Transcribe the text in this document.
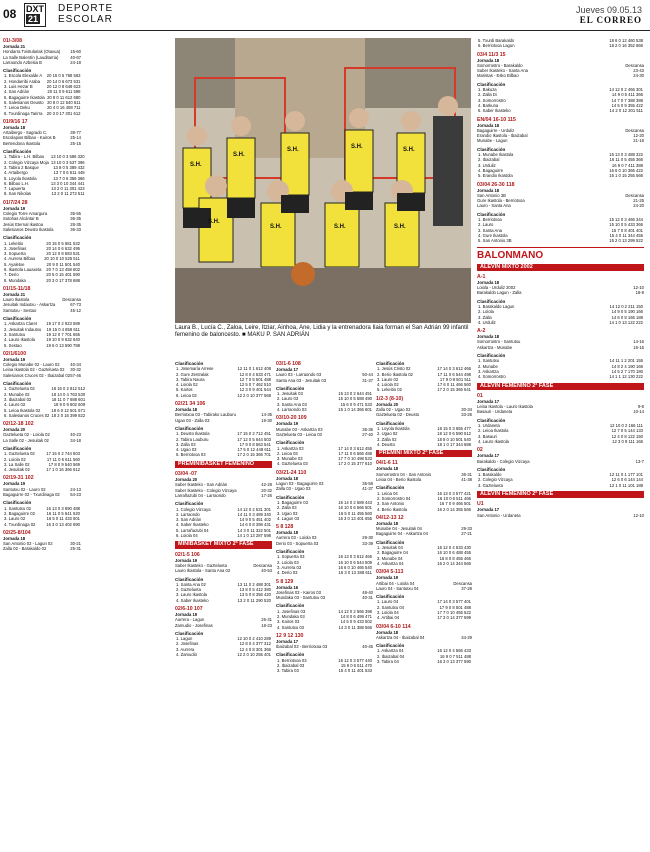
08 DXT
21
DEPORTE
ESCOLAR
Jueves 09.05.13
EL CORREO
01/-3/08
Jornada 21
Hondarra Txistulariak (Otaxua) 15-60
La Salle Balentín (Lauditarria)	40-67
Larraondo Azbeitia B	24-18
Clasificación
1. Escola Elexalde A	20 15 0 5 768 563
2. Hondarribi Araba	20 14 0 6 673 531
3. Luis Hezar B	20 12 0 8 648 623
4. San Adrián	20 11 0 9 611 598
5. Bagaguirre Ikastola	20 9 0 11 612 680
6. Salesianos Deusto	20 8 0 12 540 611
7. Leioa Deku	20 4 0 16 408 711
8. Txurdinaga Tarirra	20 3 0 17 301 612
01/9/16 17
Jornada 18
Artaibergo - Sagrado C.	38-77
Escolapios Bilbao - Kairos B	25-14
Bertendona Ikastola	25-15
Clasificación
1. Tabira - L.H. Bilbao	13 10 0 3 586 320
2. Colegio Vizcaya Moja	13 10 0 3 537 396
3. Tabira 2 Basque	13 8 0 5 389 432
4. Artaibergo	13 7 0 6 611 448
5. Loyola Ikastola	13 7 0 6 356 366
6. Bilbao L.H.	13 3 0 10 344 441
7. Lapuerta	13 2 0 11 301 423
8. San Nikolas	13 2 0 11 272 511
01/7/24 28
Jornada 19
Colegio Torre Amargura	35-55
Sotohas Alcántar B	36-35
Jesús Eternal Ikastoa	28-35
Salesianos Deusto Ikastola	36-33
Clasificación
1. Lekeitio	20 15 0 5 681 532
2. Josefinas	20 14 0 6 632 495
3. Sopuerta	20 12 0 8 583 531
4. Aurrera Bilbao	20 10 0 10 525 511
5. Ayaletxe	20 9 0 11 501 540
6. Ikastola Lauaxeta	20 7 0 13 458 602
7. Derio	20 5 0 15 401 590
8. Mundaka	20 3 0 17 378 688
01/15-11/18
Jornada 21
Lauro Ikastola	Descansa
Jesuitak Indautxu - Askartza	67-73
Santutxu - Sestao	45-12
Clasificación
1. Askartza Claret	19 17 0 2 923 589
2. Jesuitak Indautxu	19 15 0 4 858 611
3. Santutxu	19 12 0 7 701 655
4. Lauro Ikastola	19 10 0 9 632 640
5. Sestao	19 6 0 13 590 788
02/1/6100
Jornada 19
Colegio Munabe 02 - Lauro 02	40-34
Leioa Ikastola 02 - Gaztelueta 02 30-32
Salesianos Cruces 02 - Ibaizabal 02 57-46
Clasificación
1. Gaztelueta 02	18 16 0 2 812 512
2. Munabe 02	18 14 0 4 763 530
3. Ibaizabal 02	18 11 0 7 688 601
4. Lauro 02	18 9 0 9 602 609
5. Leioa Ikastola 02	18 6 0 12 501 671
6. Salesianos Cruces 02	18 2 0 16 399 822
02/12-18 102
Jornada 20
Gaztelueta 02 - Loiola 02	40-23
La Salle 02 - Jesuitak 02	34-18
Clasificación
1. Gaztelueta 02	17 15 0 2 744 503
2. Loiola 02	17 11 0 6 611 560
3. La Salle 02	17 8 0 9 540 569
4. Jesuitak 02	17 1 0 16 366 612
02/19-31 102
Jornada 19
Santutxu 02 - Lauro 02	24-13
Bagaguirre 02 - Txurdinaga 02	54-23
Clasificación
1. Santutxu 02	16 13 0 3 690 488
2. Bagaguirre 02	16 11 0 5 641 520
3. Lauro 02	16 5 0 11 433 601
4. Txurdinaga 02	16 3 0 13 402 690
02/25-8/104
Jornada 18
San Antonio 02 - Lagun 02	30-21
Zalla 02 - Barakaldo 02	25-31
Clasificación
1. Josemaría Arrese	12 11 0 1 612 408
2. Gure Zentralak	12 8 0 4 533 471
3. Tabira Naura	12 7 0 5 501 488
4. Loiola 02	12 5 0 7 462 510
5. Kairos	12 3 0 9 401 544
6. Leioa 02	12 2 0 10 377 568
02/21 34 106
Jornada 18
Berriotxoa 03 - Tabirako Lauburu	14-35
Ugao 03 - Zalla 03	19-30
Clasificación
1. Deusto Ikastola	17 15 0 2 712 451
2. Tabira Lauburu	17 12 0 5 644 503
3. Zalla 03	17 9 0 8 563 541
4. Ugao 03	17 5 0 12 448 611
5. Berriotxoa 03	17 2 0 15 366 701
PREMINIBASKET FEMENINO
03/04 -07
Jornada 20
Saber Ikasteko - San Adrián	42-28
Saber Ikasteko - Colegio Vizcaya	20-32
Larrañazubi 04 - Larraondo	17-26
Clasificación
1. Colegio Vizcaya	14 12 0 2 531 301
2. Larraondo	14 11 0 3 489 340
3. San Adrián	14 9 0 5 451 402
4. Saber Ikasteko	14 6 0 8 398 431
5. Larrañazubi 04	14 3 0 11 322 501
6. Loiola 04	14 1 0 13 287 598
MINIBASKET MIXTO 2ª FASE
02/1-5 106
Jornada 19
Saber Ikasteko - Gaztelueta	Descansa
Lauro Ikastola - Santa Ana 02	40-53
Clasificación
1. Santa Ana 02	13 11 0 2 488 301
2. Gaztelueta	13 8 0 5 412 380
3. Lauro Ikastola	13 5 0 8 356 420
4. Saber Ikasteko	13 2 0 11 290 520
02/6-10 107
Jornada 19
Aurrera - Lagun	25-31
Zamudio - Josefinas	18-23
Clasificación
1. Lagun	12 10 0 2 410 289
2. Josefinas	12 8 0 4 377 312
3. Aurrera	12 4 0 8 301 366
4. Zamudio	12 2 0 10 255 401
03/1-6 108
Jornada 17
Lauro 03 - Larraondo 03	50-44
Santa Ana 03 - Jesuitak 03	31-37
Clasificación
1. Jesuitak 03	15 13 0 2 644 451
2. Lauro 03	15 10 0 5 588 490
3. Santa Ana 03	15 6 0 9 471 533
4. Larraondo 03	15 1 0 14 366 601
03/10-20 109
Jornada 19
Munabe 03 - Askartza 03	35-36
Gaztelueta 03 - Leioa 03	27-40
Clasificación
1. Askartza 03	17 14 0 3 612 455
2. Leioa 03	17 11 0 6 566 488
3. Munabe 03	17 7 0 10 498 533
4. Gaztelueta 03	17 2 0 15 377 610
03/21-24 110
Jornada 18
Lagun 03 - Bagaguirre 03	35-58
Zalla 03 - Ugao 03	41-37
Clasificación
1. Bagaguirre 03	16 14 0 2 689 443
2. Zalla 03	16 10 0 6 566 501
3. Ugao 03	16 5 0 11 455 560
4. Lagun 03	16 3 0 13 401 655
5 8 128
Jornada 18
Aurrera 03 - Loiola 03	29-30
Derio 03 - Sopuerta 03	33-39
Clasificación
1. Sopuerta 03	16 13 0 3 612 466
2. Loiola 03	16 10 0 6 544 509
3. Aurrera 03	16 6 0 10 466 540
4. Derio 03	16 3 0 13 388 611
5 8 129
Jornada 16
Josefinas 03 - Kairos 03	48-40
Mundaka 03 - Santutxu 03	40-31
Clasificación
1. Josefinas 03	14 12 0 2 566 398
2. Mundaka 03	14 8 0 6 499 471
3. Kairos 03	14 5 0 9 433 502
4. Santutxu 03	14 3 0 11 388 566
12 9 12 130
Jornada 17
Ibaizabal 03 - Berriotxoa 03	40-45
Clasificación
1. Berriotxoa 03	15 12 0 3 577 440
2. Ibaizabal 03	15 9 0 6 511 470
3. Tabira 03	15 4 0 11 401 533
Clasificación
1. Jesús Cristo 02	17 14 0 3 612 466
2. Berio Ikastola 02	17 11 0 6 544 498
3. Lauro 02	17 9 0 8 501 511
4. Loiola 02	17 6 0 11 466 560
5. Lekeitio 02	17 2 0 15 366 641
1/2-3 (8-10)
Jornada 20
Zalla 02 - Ugao 02	30-34
Gaztelueta 02 - Deusto	33-26
Clasificación
1. Loyola Ikastola	18 15 0 3 655 477
2. Ugao 02	18 12 0 6 590 512
3. Zalla 02	18 8 0 10 501 540
4. Deusto	18 1 0 17 344 688
PREMINI MIXTO 2ª FASE
04/1-6 11
Jornada 18
Somorrostro 04 - San Antonio	36-31
Leioa 04 - Berio Ikastola	41-38
Clasificación
1. Leioa 04	16 13 0 3 577 421
2. Somorrostro 04	16 10 0 6 511 466
3. San Antonio	16 7 0 9 466 501
4. Berio Ikastola	16 2 0 14 355 566
04/12-13 12
Jornada 18
Munabe 04 - Jesuitak 04	29-33
Bagaguirre 04 - Askartza 04	27-21
Clasificación
1. Jesuitak 04	16 12 0 4 533 430
2. Bagaguirre 04	16 10 0 6 488 455
3. Munabe 04	16 8 0 8 455 466
4. Askartza 04	16 2 0 14 344 566
03/04 5-113
Jornada 19
Artibai 04 - Loiola 04	Descansa
Lauro 04 - Santutxu 04	37-28
Clasificación
1. Lauro 04	17 14 0 3 577 401
2. Santutxu 04	17 9 0 8 501 488
3. Loiola 04	17 7 0 10 455 522
4. Artibai 04	17 3 0 14 377 599
03/04 6-10 114
Jornada 18
Askartza 04 - Ibaizabal 04	34-29
Clasificación
1. Askartza 04	16 12 0 4 566 433
2. Ibaizabal 04	16 9 0 7 511 488
3. Tabira 04	16 3 0 13 377 590
5. Txurdi Barakaldo	18 6 0 12 460 538
6. Berriotxoa Lagun	18 2 0 16 352 666
03/4 11/3 15
Jornada 18
Somorrostro - Barakaldo	Descansa
Saber Ikasteko - Santa Ana	23-43
Maristas - Esko Bilbao	24-30
Clasificación
1. Bakuza	14 12 0 2 466 301
2. Zalla Di	14 9 0 5 411 366
3. Somorrostro	14 7 0 7 388 388
4. Barkuna	14 5 0 9 355 422
5. Saber Ikasteko	14 2 0 12 301 511
EN/04 16-10 115
Jornada 18
Bagaguirre - Urduliz	Descansa
Erandio Ikastola - Ibaizabal	12-20
Munabe - Lagun	21-16
Clasificación
1. Munabe Ikastola	16 13 0 3 488 322
2. Ibaizabal	16 11 0 5 455 366
3. Urduliz	16 9 0 7 411 388
4. Bagaguirre	16 6 0 10 366 422
5. Erandio Ikastola	16 1 0 15 255 566
03/04 26-30 118
Jornada 18
San Antonio 3B	Descansa
Gure Ikastola - Berriotxoa	21-25
Lauro - Santa Ana	24-20
Clasificación
1. Berriotxoa	15 12 0 3 466 344
2. Lauro	15 10 0 5 433 366
3. Santa Ana	15 7 0 8 401 401
4. Gure Ikastola	15 4 0 11 344 455
5. San Antonio 3B	15 2 0 13 299 522
BALONMANO
ALEVÍN MIXTO 2002
A-1
Jornada 18
Loiola - Urduliz 2002	12-10
Barakaldo Lagun - Zalla	18-9
Clasificación
1. Barakaldo Lagun	14 12 0 2 211 150
2. Loiola	14 9 0 5 190 166
3. Zalla	14 6 0 8 166 188
4. Urduliz	14 1 0 13 122 222
A-2
Jornada 18
Somorrostro - Santutxu	14-16
Askartza - Munabe	15-15
Clasificación
1. Santutxu	14 11 1 2 201 155
2. Munabe	14 8 2 4 190 166
3. Askartza	14 5 2 7 170 180
4. Somorrostro	14 1 1 12 130 222
ALEVÍN FEMENINO 2ª FASE
01
Jornada 17
Leioa Ikastola - Lauro Ikastola	9-8
Basauri - Urdaneta	10-14
Clasificación
1. Urdaneta	12 10 0 2 166 111
2. Leioa Ikastola	12 7 0 5 144 133
3. Basauri	12 4 0 8 122 150
4. Lauro Ikastola	12 3 0 9 111 166
02
Jornada 17
Barakaldo - Colegio Vizcaya	13-7
Clasificación
1. Barakaldo	12 11 0 1 177 101
2. Colegio Vizcaya	12 6 0 6 144 144
3. Gaztelueta	12 1 0 11 101 188
ALEVÍN FEMENINO 2ª FASE
U1
Jornada 17
San Antonio - Urdaneta	12-10
S.H.
S.H.
S.H.	S.H.	S.H.
S.H.
S.H.	S.H.	S.H.
Laura B., Lucía C., Zaloa, Leire, Itziar, Ainhoa, Ane, Lidia y la entrenadora Ilaia forman el San Adrián 99 infantil femenino de baloncesto. ■ MAKU P. SAN ADRIÁN
